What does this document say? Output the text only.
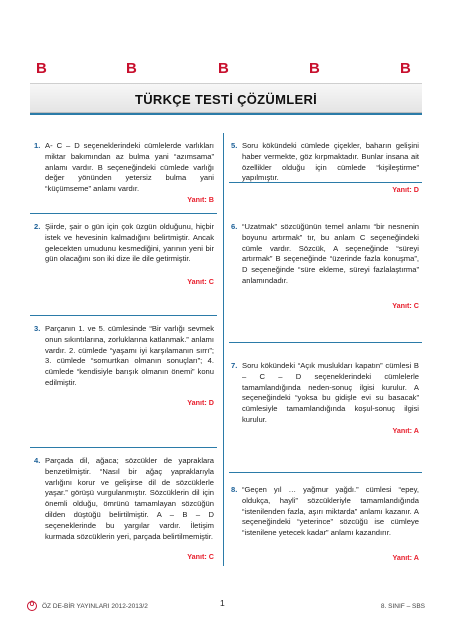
B	B	B	B	B
TÜRKÇE TESTİ ÇÖZÜMLERİ
1. A- C – D seçeneklerindeki cümlelerde varlıkları miktar bakımından az bulma yani “azımsama” anlamı vardır. B seçeneğindeki cümlede varlığı değer yönünden yetersiz bulma yani “küçümseme” anlamı vardır.
Yanıt: B
2. Şiirde, şair o gün için çok üzgün olduğunu, hiçbir istek ve hevesinin kalmadığını belirtmiştir. Ancak gelecekten umudunu kesmediğini, yarının yeni bir gün olacağını son iki dize ile dile getirmiştir.
Yanıt: C
3. Parçanın 1. ve 5. cümlesinde “Bir varlığı sevmek onun sıkıntılarına, zorluklarına katlanmak.” anlamı vardır. 2. cümlede “yaşamı iyi karşılamanın sırrı”; 3. cümlede “somurtkan olmanın sonuçları”; 4. cümlede “kendisiyle barışık olmanın önemi” konu edilmiştir.
Yanıt: D
4. Parçada dil, ağaca; sözcükler de yapraklara benzetilmiştir. “Nasıl bir ağaç yapraklarıyla varlığını korur ve gelişirse dil de sözcüklerle yaşar.” görüşü vurgulanmıştır. Sözcüklerin dil için önemli olduğu, ömrünü tamamlayan sözcüğün dilden düştüğü belirtilmiştir. A – B – D seçeneklerinde bu yargılar vardır. İletişim kurmada sözcüklerin yeri, parçada belirtilmemiştir.
Yanıt: C
5. Soru kökündeki cümlede çiçekler, baharın gelişini haber vermekte, göz kırpmaktadır. Bunlar insana ait özellikler olduğu için cümlede “kişileştirme” yapılmıştır.
Yanıt: D
6. “Uzatmak” sözcüğünün temel anlamı “bir nesnenin boyunu artırmak” tır, bu anlam C seçeneğindeki cümle vardır. Sözcük, A seçeneğinde “süreyi artırmak” B seçeneğinde “üzerinde fazla konuşma”, D seçeneğinde “süre ekleme, süreyi fazlalaştırma” anlamındadır.
Yanıt: C
7. Soru kökündeki “Açık muslukları kapatın” cümlesi B – C – D seçeneklerindeki cümlelerle tamamlandığında neden-sonuç ilgisi kurulur. A seçeneğindeki “yoksa bu gidişle evi su basacak” cümlesiyle tamamlandığında koşul-sonuç ilgisi kurulur.
Yanıt: A
8. “Geçen yıl … yağmur yağdı.” cümlesi “epey, oldukça, hayli” sözcükleriyle tamamlandığında “istenilenden fazla, aşırı miktarda” anlamı kazanır. A seçeneğindeki “yeterince” sözcüğü ise cümleye “istenilene yetecek kadar” anlamı kazandırır.
Yanıt: A
Ö	ÖZ DE-BİR YAYINLARI 2012-2013/2	1	8. SINIF – SBS
